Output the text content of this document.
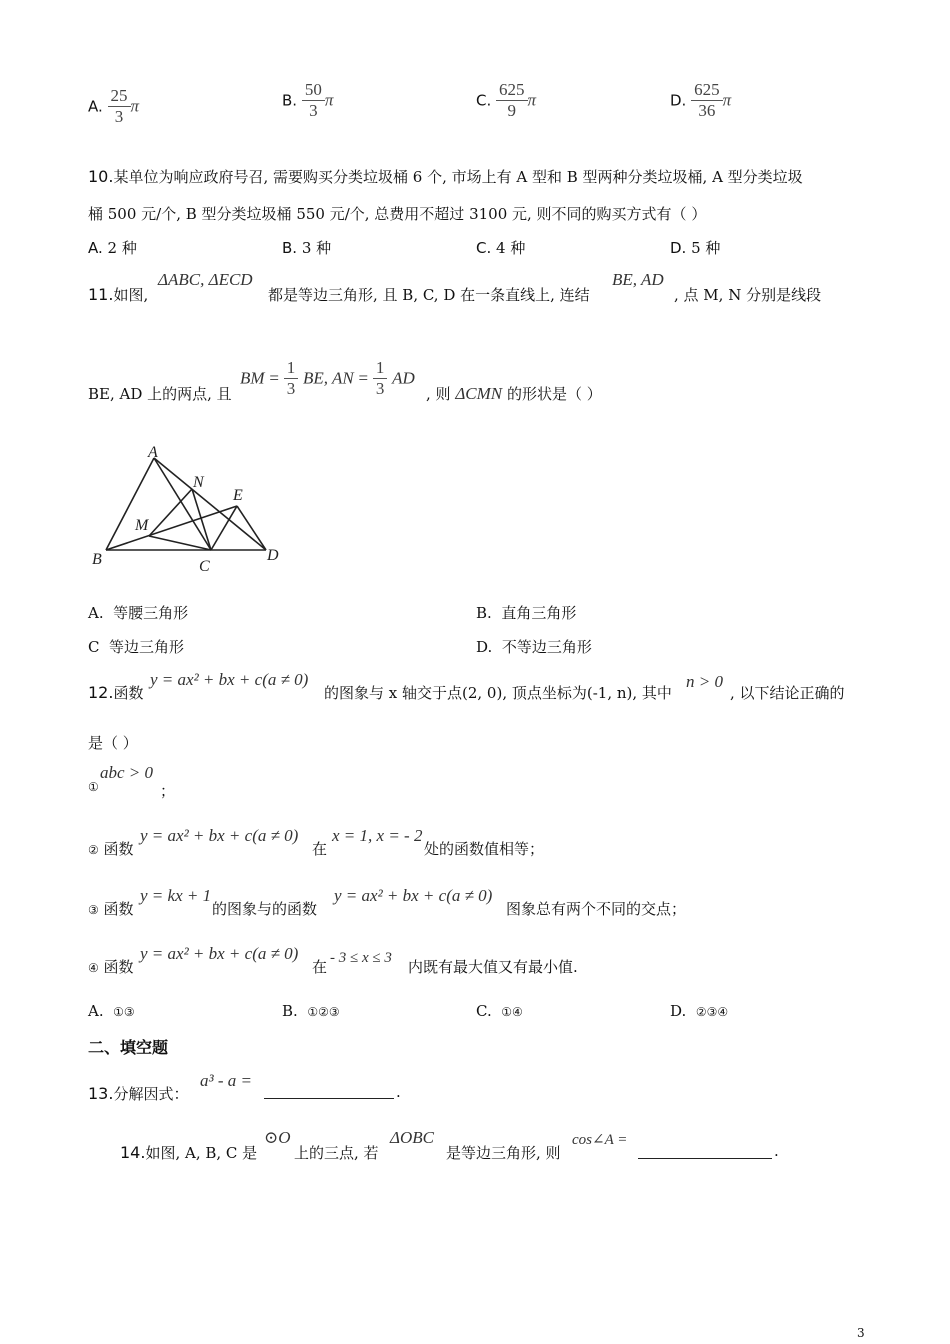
A. $\frac{25}{3}$ π	B. $\frac{50}{3}$ π	C. $\frac{625}{9}$ π	D. $\frac{625}{36}$ π
10.某单位为响应政府号召, 需要购买分类垃圾桶 6 个, 市场上有 A 型和 B 型两种分类垃圾桶, A 型分类垃圾
桶 500 元/个, B 型分类垃圾桶 550 元/个, 总费用不超过 3100 元, 则不同的购买方式有（ ）
A. 2 种	B. 3 种	C. 4 种	D. 5 种
11.如图,
ΔABC, ΔECD
都是等边三角形, 且 B, C, D 在一条直线上, 连结
BE, AD
, 点 M, N 分别是线段
BE, AD 上的两点, 且
BM = $\frac{1}{3}$ BE, AN = $\frac{1}{3}$ AD
, 则 ΔCMN 的形状是（ ）
A
N
E
M
B	C
D
A. 等腰三角形	B. 直角三角形
C 等边三角形	D. 不等边三角形
12.函数
y = ax² + bx + c(a ≠ 0)
的图象与 x 轴交于点(2, 0), 顶点坐标为(-1, n), 其中
n > 0
, 以下结论正确的
是（ ）
①
abc > 0
；
② 函数
y = ax² + bx + c(a ≠ 0)
在
x = 1, x = - 2
处的函数值相等；
③ 函数
y = kx + 1
的图象与的函数
y = ax² + bx + c(a ≠ 0)
图象总有两个不同的交点；
④ 函数
y = ax² + bx + c(a ≠ 0)
在 - 3 ≤ x ≤ 3 内既有最大值又有最小值.
A. ①③	B. ①②③	C. ①④	D. ②③④
二、填空题
13.分解因式：
a³ - a =
.
14.如图, A, B, C 是
⊙O
上的三点, 若
ΔOBC
是等边三角形, 则
cos∠A =
.
3
